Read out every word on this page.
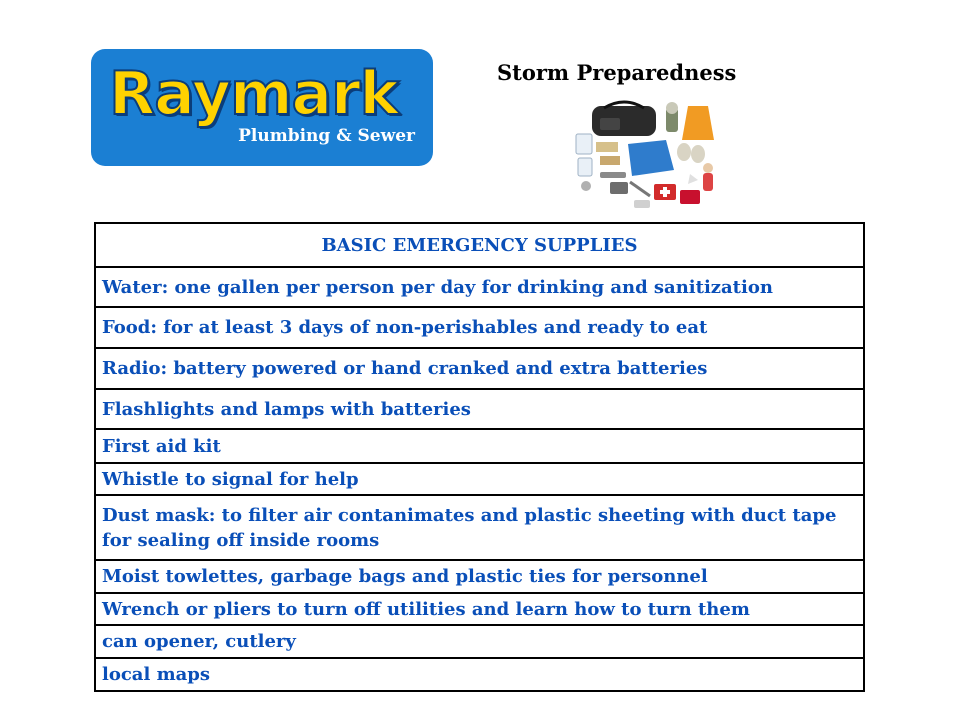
Raymark
Plumbing & Sewer
Storm Preparedness
BASIC EMERGENCY SUPPLIES
Water: one gallen per person per day for drinking and sanitization
Food: for at least 3 days of non-perishables and ready to eat
Radio: battery powered or hand cranked and extra batteries
Flashlights and lamps with batteries
First aid kit
Whistle to signal for help
Dust mask: to filter air contanimates and plastic sheeting with duct tape for sealing off inside rooms
Moist towlettes, garbage bags and plastic ties for personnel
Wrench or pliers to turn off utilities and learn how to turn them
can opener, cutlery
local maps
